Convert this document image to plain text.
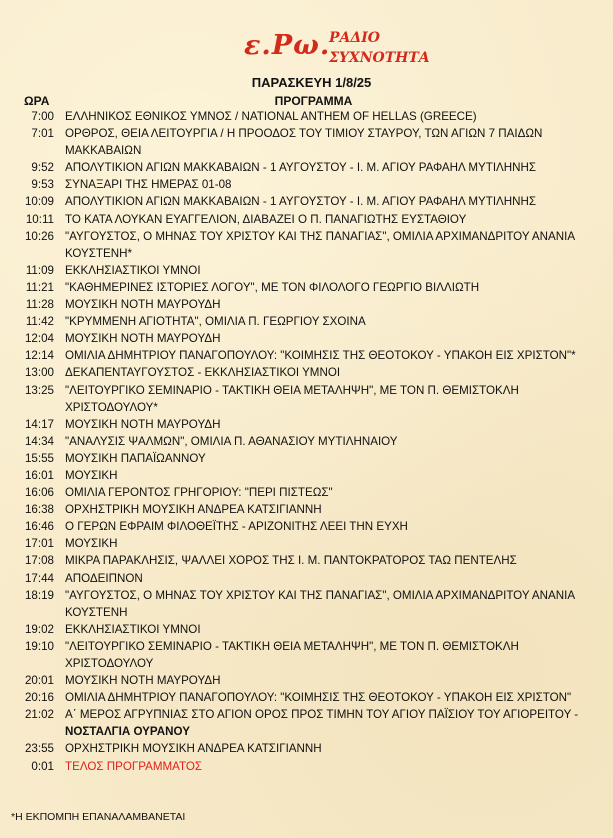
ε.Ρω.
ΡΑΔΙΟ
ΣΥΧΝΟΤΗΤΑ
ΠΑΡΑΣΚΕΥΗ 1/8/25
ΩΡΑ	ΠΡΟΓΡΑΜΜΑ
7:00 ΕΛΛΗΝΙΚΟΣ ΕΘΝΙΚΟΣ ΥΜΝΟΣ / NATIONAL ANTHEM OF HELLAS (GREECE)
7:01 ΟΡΘΡΟΣ, ΘΕΙΑ ΛΕΙΤΟΥΡΓΙΑ / Η ΠΡΟΟΔΟΣ ΤΟΥ ΤΙΜΙΟΥ ΣΤΑΥΡΟΥ, ΤΩΝ ΑΓΙΩΝ 7 ΠΑΙΔΩΝ ΜΑΚΚΑΒΑΙΩΝ
9:52 ΑΠΟΛΥΤΙΚΙΟΝ ΑΓΙΩΝ ΜΑΚΚΑΒΑΙΩΝ - 1 ΑΥΓΟΥΣΤΟΥ - Ι. Μ. ΑΓΙΟΥ ΡΑΦΑΗΛ ΜΥΤΙΛΗΝΗΣ
9:53 ΣΥΝΑΞΑΡΙ ΤΗΣ ΗΜΕΡΑΣ 01-08
10:09 ΑΠΟΛΥΤΙΚΙΟΝ ΑΓΙΩΝ ΜΑΚΚΑΒΑΙΩΝ - 1 ΑΥΓΟΥΣΤΟΥ - Ι. Μ. ΑΓΙΟΥ ΡΑΦΑΗΛ ΜΥΤΙΛΗΝΗΣ
10:11 ΤΟ ΚΑΤΑ ΛΟΥΚΑΝ ΕΥΑΓΓΕΛΙΟΝ, ΔΙΑΒΑΖΕΙ Ο Π. ΠΑΝΑΓΙΩΤΗΣ ΕΥΣΤΑΘΙΟΥ
10:26 "ΑΥΓΟΥΣΤΟΣ, Ο ΜΗΝΑΣ ΤΟΥ ΧΡΙΣΤΟΥ ΚΑΙ ΤΗΣ ΠΑΝΑΓΙΑΣ", ΟΜΙΛΙΑ ΑΡΧΙΜΑΝΔΡΙΤΟΥ ΑΝΑΝΙΑ ΚΟΥΣΤΕΝΗ*
11:09 ΕΚΚΛΗΣΙΑΣΤΙΚΟΙ ΥΜΝΟΙ
11:21 "ΚΑΘΗΜΕΡΙΝΕΣ ΙΣΤΟΡΙΕΣ ΛΟΓΟΥ", ΜΕ ΤΟΝ ΦΙΛΟΛΟΓΟ ΓΕΩΡΓΙΟ ΒΙΛΛΙΩΤΗ
11:28 ΜΟΥΣΙΚΗ ΝΟΤΗ ΜΑΥΡΟΥΔΗ
11:42 "ΚΡΥΜΜΕΝΗ ΑΓΙΟΤΗΤΑ", ΟΜΙΛΙΑ Π. ΓΕΩΡΓΙΟΥ ΣΧΟΙΝΑ
12:04 ΜΟΥΣΙΚΗ ΝΟΤΗ ΜΑΥΡΟΥΔΗ
12:14 ΟΜΙΛΙΑ ΔΗΜΗΤΡΙΟΥ ΠΑΝΑΓΟΠΟΥΛΟΥ: "ΚΟΙΜΗΣΙΣ ΤΗΣ ΘΕΟΤΟΚΟΥ - ΥΠΑΚΟΗ ΕΙΣ ΧΡΙΣΤΟΝ"*
13:00 ΔΕΚΑΠΕΝΤΑΥΓΟΥΣΤΟΣ - ΕΚΚΛΗΣΙΑΣΤΙΚΟΙ ΥΜΝΟΙ
13:25 "ΛΕΙΤΟΥΡΓΙΚΟ ΣΕΜΙΝΑΡΙΟ - ΤΑΚΤΙΚΗ ΘΕΙΑ ΜΕΤΑΛΗΨΗ", ΜΕ ΤΟΝ Π. ΘΕΜΙΣΤΟΚΛΗ ΧΡΙΣΤΟΔΟΥΛΟΥ*
14:17 ΜΟΥΣΙΚΗ ΝΟΤΗ ΜΑΥΡΟΥΔΗ
14:34 "ΑΝΑΛΥΣΙΣ ΨΑΛΜΩΝ", ΟΜΙΛΙΑ Π. ΑΘΑΝΑΣΙΟΥ ΜΥΤΙΛΗΝΑΙΟΥ
15:55 ΜΟΥΣΙΚΗ ΠΑΠΑΪΩΑΝΝΟΥ
16:01 ΜΟΥΣΙΚΗ
16:06 ΟΜΙΛΙΑ ΓΕΡΟΝΤΟΣ ΓΡΗΓΟΡΙΟΥ: "ΠΕΡΙ ΠΙΣΤΕΩΣ"
16:38 ΟΡΧΗΣΤΡΙΚΗ ΜΟΥΣΙΚΗ ΑΝΔΡΕΑ ΚΑΤΣΙΓΙΑΝΝΗ
16:46 Ο ΓΕΡΩΝ ΕΦΡΑΙΜ ΦΙΛΟΘΕΪΤΗΣ - ΑΡΙΖΟΝΙΤΗΣ ΛΕΕΙ ΤΗΝ ΕΥΧΗ
17:01 ΜΟΥΣΙΚΗ
17:08 ΜΙΚΡΑ ΠΑΡΑΚΛΗΣΙΣ, ΨΑΛΛΕΙ ΧΟΡΟΣ ΤΗΣ Ι. Μ. ΠΑΝΤΟΚΡΑΤΟΡΟΣ ΤΑΩ ΠΕΝΤΕΛΗΣ
17:44 ΑΠΟΔΕΙΠΝΟΝ
18:19 "ΑΥΓΟΥΣΤΟΣ, Ο ΜΗΝΑΣ ΤΟΥ ΧΡΙΣΤΟΥ ΚΑΙ ΤΗΣ ΠΑΝΑΓΙΑΣ", ΟΜΙΛΙΑ ΑΡΧΙΜΑΝΔΡΙΤΟΥ ΑΝΑΝΙΑ ΚΟΥΣΤΕΝΗ
19:02 ΕΚΚΛΗΣΙΑΣΤΙΚΟΙ ΥΜΝΟΙ
19:10 "ΛΕΙΤΟΥΡΓΙΚΟ ΣΕΜΙΝΑΡΙΟ - ΤΑΚΤΙΚΗ ΘΕΙΑ ΜΕΤΑΛΗΨΗ", ΜΕ ΤΟΝ Π. ΘΕΜΙΣΤΟΚΛΗ ΧΡΙΣΤΟΔΟΥΛΟΥ
20:01 ΜΟΥΣΙΚΗ ΝΟΤΗ ΜΑΥΡΟΥΔΗ
20:16 ΟΜΙΛΙΑ ΔΗΜΗΤΡΙΟΥ ΠΑΝΑΓΟΠΟΥΛΟΥ: "ΚΟΙΜΗΣΙΣ ΤΗΣ ΘΕΟΤΟΚΟΥ - ΥΠΑΚΟΗ ΕΙΣ ΧΡΙΣΤΟΝ"
21:02 Α΄ ΜΕΡΟΣ ΑΓΡΥΠΝΙΑΣ ΣΤΟ ΑΓΙΟΝ ΟΡΟΣ ΠΡΟΣ ΤΙΜΗΝ ΤΟΥ ΑΓΙΟΥ ΠΑΪΣΙΟΥ ΤΟΥ ΑΓΙΟΡΕΙΤΟΥ -
ΝΟΣΤΑΛΓΙΑ ΟΥΡΑΝΟΥ
23:55 ΟΡΧΗΣΤΡΙΚΗ ΜΟΥΣΙΚΗ ΑΝΔΡΕΑ ΚΑΤΣΙΓΙΑΝΝΗ
0:01 ΤΕΛΟΣ ΠΡΟΓΡΑΜΜΑΤΟΣ
*Η ΕΚΠΟΜΠΗ ΕΠΑΝΑΛΑΜΒΑΝΕΤΑΙ
